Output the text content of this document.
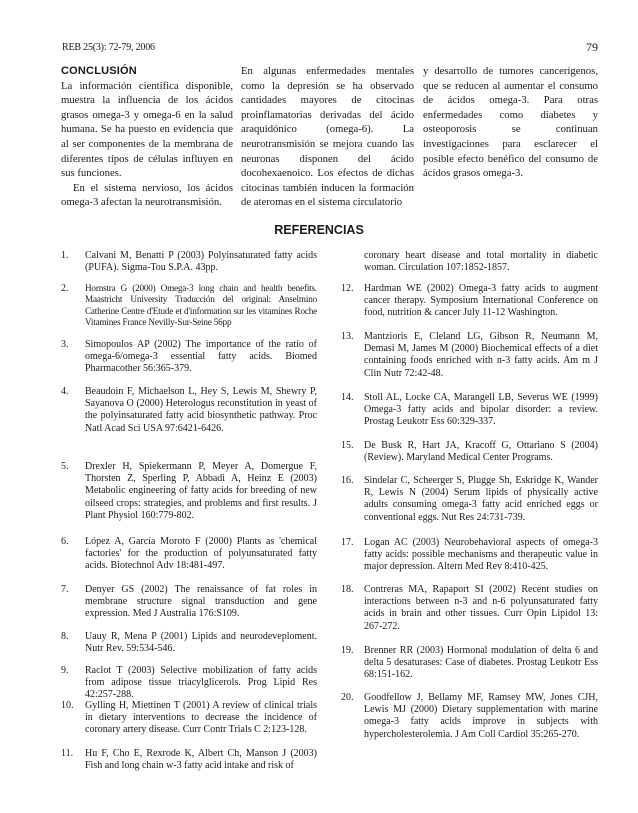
REB 25(3): 72-79, 2006	79
CONCLUSIÓN

La información científica disponible, muestra la influencia de los ácidos grasos omega-3 y omega-6 en la salud humana. Se ha puesto en evidencia que al ser componentes de la membrana de diferentes tipos de células influyen en sus funciones.

En el sistema nervioso, los ácidos omega-3 afectan la neurotransmisión.

En algunas enfermedades mentales como la depresión se ha observado cantidades mayores de citocinas proinflamatorias derivadas del ácido araquidónico (omega-6). La neurotransmisión se mejora cuando las neuronas disponen del ácido docohexaenoico. Los efectos de dichas citocinas también inducen la formación de ateromas en el sistema circulatorio

y desarrollo de tumores cancerígenos, que se reducen al aumentar el consumo de ácidos omega-3. Para otras enfermedades como diabetes y osteoporosis se continuan investigaciones para esclarecer el posible efecto benéfico del consumo de ácidos grasos omega-3.

REFERENCIAS
1. Calvani M, Benatti P (2003) Polyinsaturated fatty acids (PUFA). Sigma-Tou S.P.A. 43pp.
2. Hornstra G (2000) Omega-3 long chain and health benefits. Maastricht University Traducción del original: Anselmino Catherine Centre d'Etude et d'information sur les vitamines Roche Vitamines France Nevilly-Sur-Seine 56pp
3. Simopoulos AP (2002) The importance of the ratio of omega-6/omega-3 essential fatty acids. Biomed Pharmacother 56:365-379.
4. Beaudoin F, Michaelson L, Hey S, Lewis M, Shewry P, Sayanova O (2000) Heterologus reconstitution in yeast of the polyinsaturated fatty acid biosynthetic pathway. Proc Natl Acad Sci USA 97:6421-6426.
5. Drexler H, Spiekermann P, Meyer A, Domergue F, Thorsten Z, Sperling P, Abbadi A, Heinz E (2003) Metabolic engineering of fatty acids for breeding of new oilseed crops: strategies, and problems and first results. J Plant Physiol 160:779-802.
6. López A, García Moroto F (2000) Plants as 'chemical factories' for the production of polyunsaturated fatty acids. Biotechnol Adv 18:481-497.
7. Denyer GS (2002) The renaissance of fat roles in membrane structure signal transduction and gene expression. Med J Australia 176:S109.
8. Uauy R, Mena P (2001) Lipids and neurodeveploment. Nutr Rev. 59:534-546.
9. Raclot T (2003) Selective mobilization of fatty acids from adipose tissue triacylglicerols. Prog Lipid Res 42:257-288.
10. Gylling H, Miettinen T (2001) A review of clinical trials in dietary interventions to decrease the incidence of coronary artery disease. Curr Contr Trials C 2:123-128.
11. Hu F, Cho E, Rexrode K, Albert Ch, Manson J (2003) Fish and long chain w-3 fatty acid intake and risk of
coronary heart disease and total mortality in diabetic woman. Circulation 107:1852-1857.
12. Hardman WE (2002) Omega-3 fatty acids to augment cancer therapy. Symposium International Conference on food, nutrition & cancer July 11-12 Washington.
13. Mantzioris E, Cleland LG, Gibson R, Neumann M, Demasi M, James M (2000) Biochemical effects of a diet containing foods enriched with n-3 fatty acids. Am m J Clin Nutr 72:42-48.
14. Stoll AL, Locke CA, Marangell LB, Severus WE (1999) Omega-3 fatty acids and bipolar disorder: a review. Prostag Leukotr Ess 60:329-337.
15. De Busk R, Hart JA, Kracoff G, Ottariano S (2004) (Review). Maryland Medical Center Programs.
16. Sindelar C, Scheerger S, Plugge Sh, Eskridge K, Wander R, Lewis N (2004) Serum lipids of physically active adults consuming omega-3 fatty acid enriched eggs or conventional eggs. Nut Res 24:731-739.
17. Logan AC (2003) Neurobehavioral aspects of omega-3 fatty acids: possible mechanisms and therapeutic value in major depression. Altern Med Rev 8:410-425.
18. Contreras MA, Rapaport SI (2002) Recent studies on interactions between n-3 and n-6 polyunsaturated fatty acids in brain and other tissues. Curr Opin Lipidol 13: 267-272.
19. Brenner RR (2003) Hormonal modulation of delta 6 and delta 5 desaturases: Case of diabetes. Prostag Leukotr Ess 68:151-162.
20. Goodfellow J, Bellamy MF, Ramsey MW, Jones CJH, Lewis MJ (2000) Dietary supplementation with marine omega-3 fatty acids improve in subjects with hypercholesterolemia. J Am Coll Cardiol 35:265-270.
